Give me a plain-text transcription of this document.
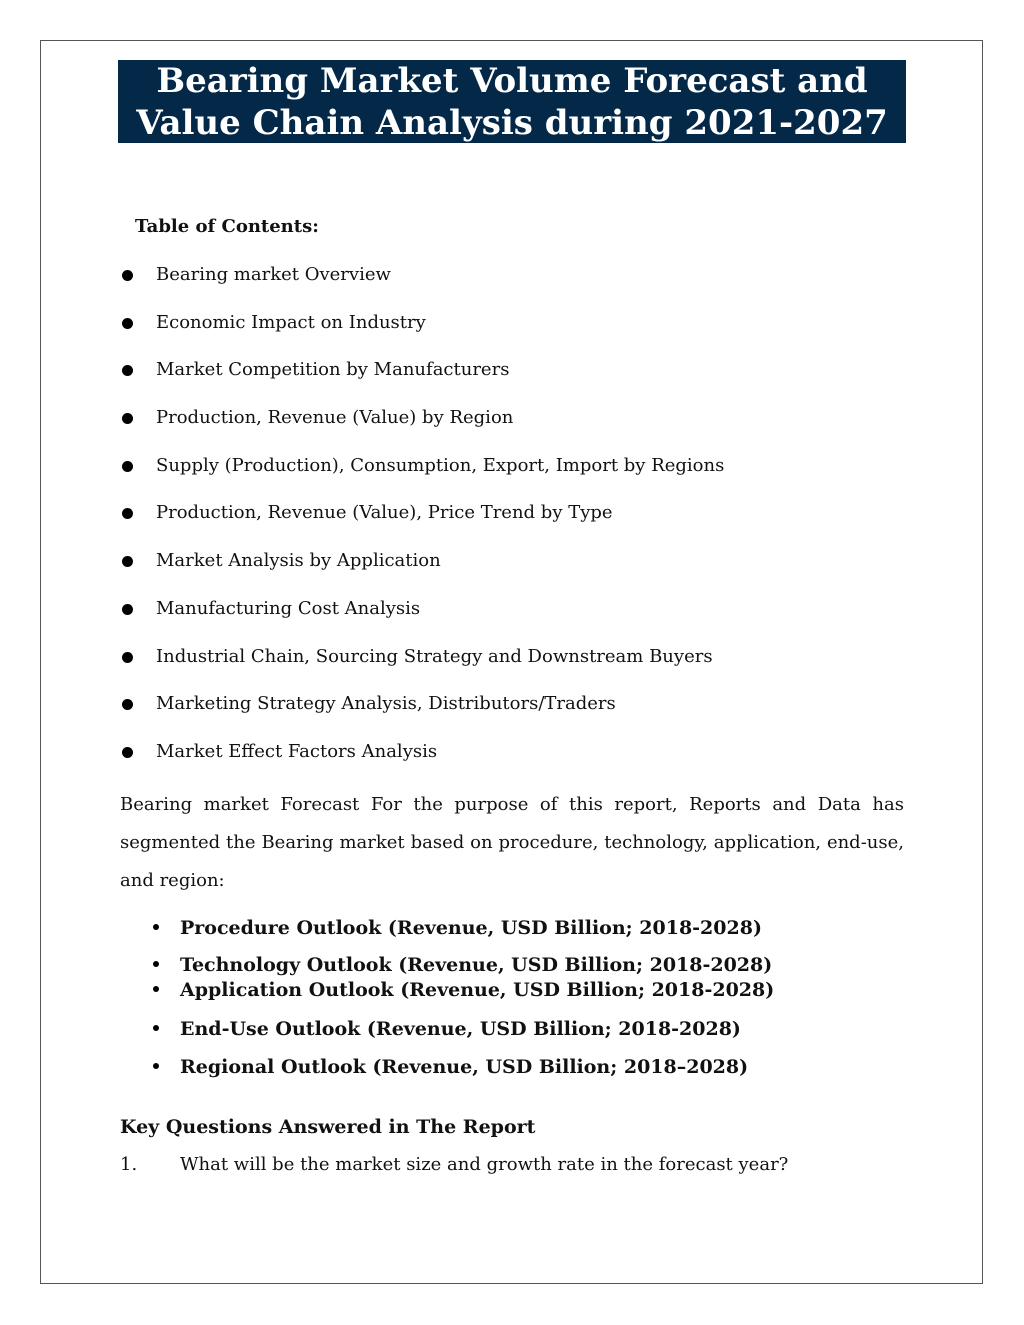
Bearing Market Volume Forecast and
Value Chain Analysis during 2021-2027
Table of Contents:
Bearing market Overview
Economic Impact on Industry
Market Competition by Manufacturers
Production, Revenue (Value) by Region
Supply (Production), Consumption, Export, Import by Regions
Production, Revenue (Value), Price Trend by Type
Market Analysis by Application
Manufacturing Cost Analysis
Industrial Chain, Sourcing Strategy and Downstream Buyers
Marketing Strategy Analysis, Distributors/Traders
Market Effect Factors Analysis
Bearing market Forecast For the purpose of this report, Reports and Data has segmented the Bearing market based on procedure, technology, application, end-use, and region:
Procedure Outlook (Revenue, USD Billion; 2018-2028)
Technology Outlook (Revenue, USD Billion; 2018-2028)
Application Outlook (Revenue, USD Billion; 2018-2028)
End-Use Outlook (Revenue, USD Billion; 2018-2028)
Regional Outlook (Revenue, USD Billion; 2018–2028)
Key Questions Answered in The Report
1. What will be the market size and growth rate in the forecast year?
